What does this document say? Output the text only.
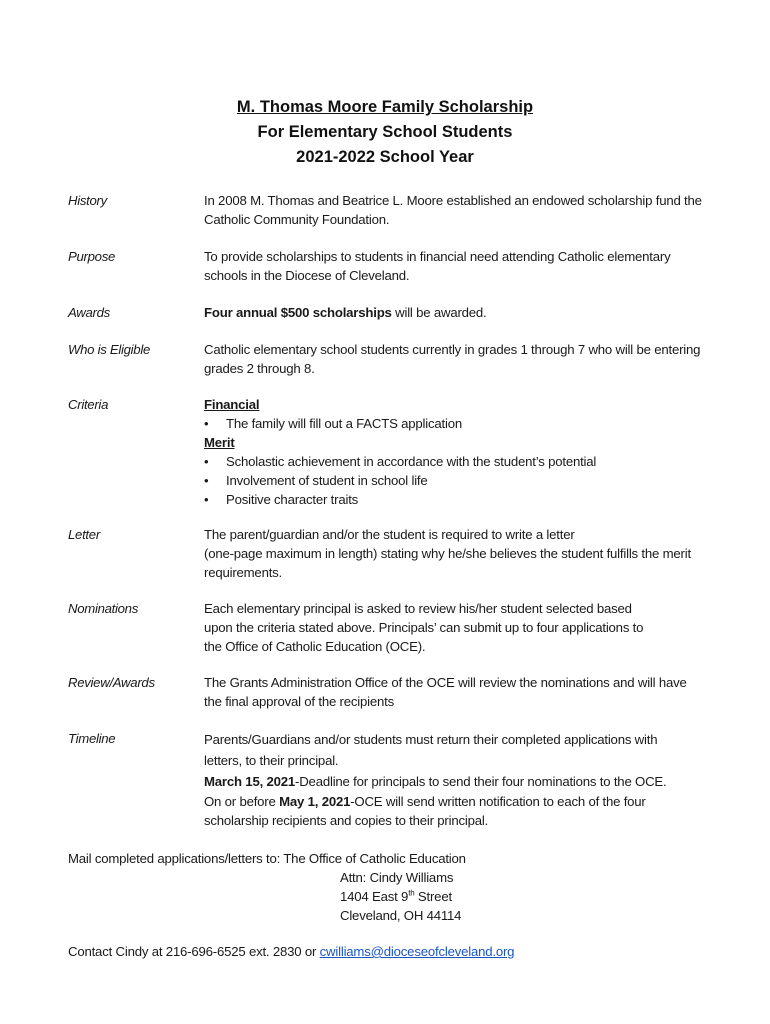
M. Thomas Moore Family Scholarship
For Elementary School Students
2021-2022 School Year
History	In 2008 M. Thomas and Beatrice L. Moore established an endowed scholarship fund the Catholic Community Foundation.
Purpose	To provide scholarships to students in financial need attending Catholic elementary schools in the Diocese of Cleveland.
Awards	Four annual $500 scholarships will be awarded.
Who is Eligible	Catholic elementary school students currently in grades 1 through 7 who will be entering grades 2 through 8.
Criteria	Financial
• The family will fill out a FACTS application
Merit
• Scholastic achievement in accordance with the student’s potential
• Involvement of student in school life
• Positive character traits
Letter	The parent/guardian and/or the student is required to write a letter

(one-page maximum in length) stating why he/she believes the student fulfills the merit requirements.

Nominations	Each elementary principal is asked to review his/her student selected based

upon the criteria stated above. Principals’ can submit up to four applications to

the Office of Catholic Education (OCE).

Review/Awards	The Grants Administration Office of the OCE will review the nominations and will have the final approval of the recipients
Timeline	Parents/Guardians and/or students must return their completed applications with

letters, to their principal.

March 15, 2021-Deadline for principals to send their four nominations to the OCE.

On or before May 1, 2021-OCE will send written notification to each of the four scholarship recipients and copies to their principal.

Mail completed applications/letters to: The Office of Catholic Education
Attn: Cindy Williams
1404 East 9th Street
Cleveland, OH 44114
Contact Cindy at 216-696-6525 ext. 2830 or cwilliams@dioceseofcleveland.org
